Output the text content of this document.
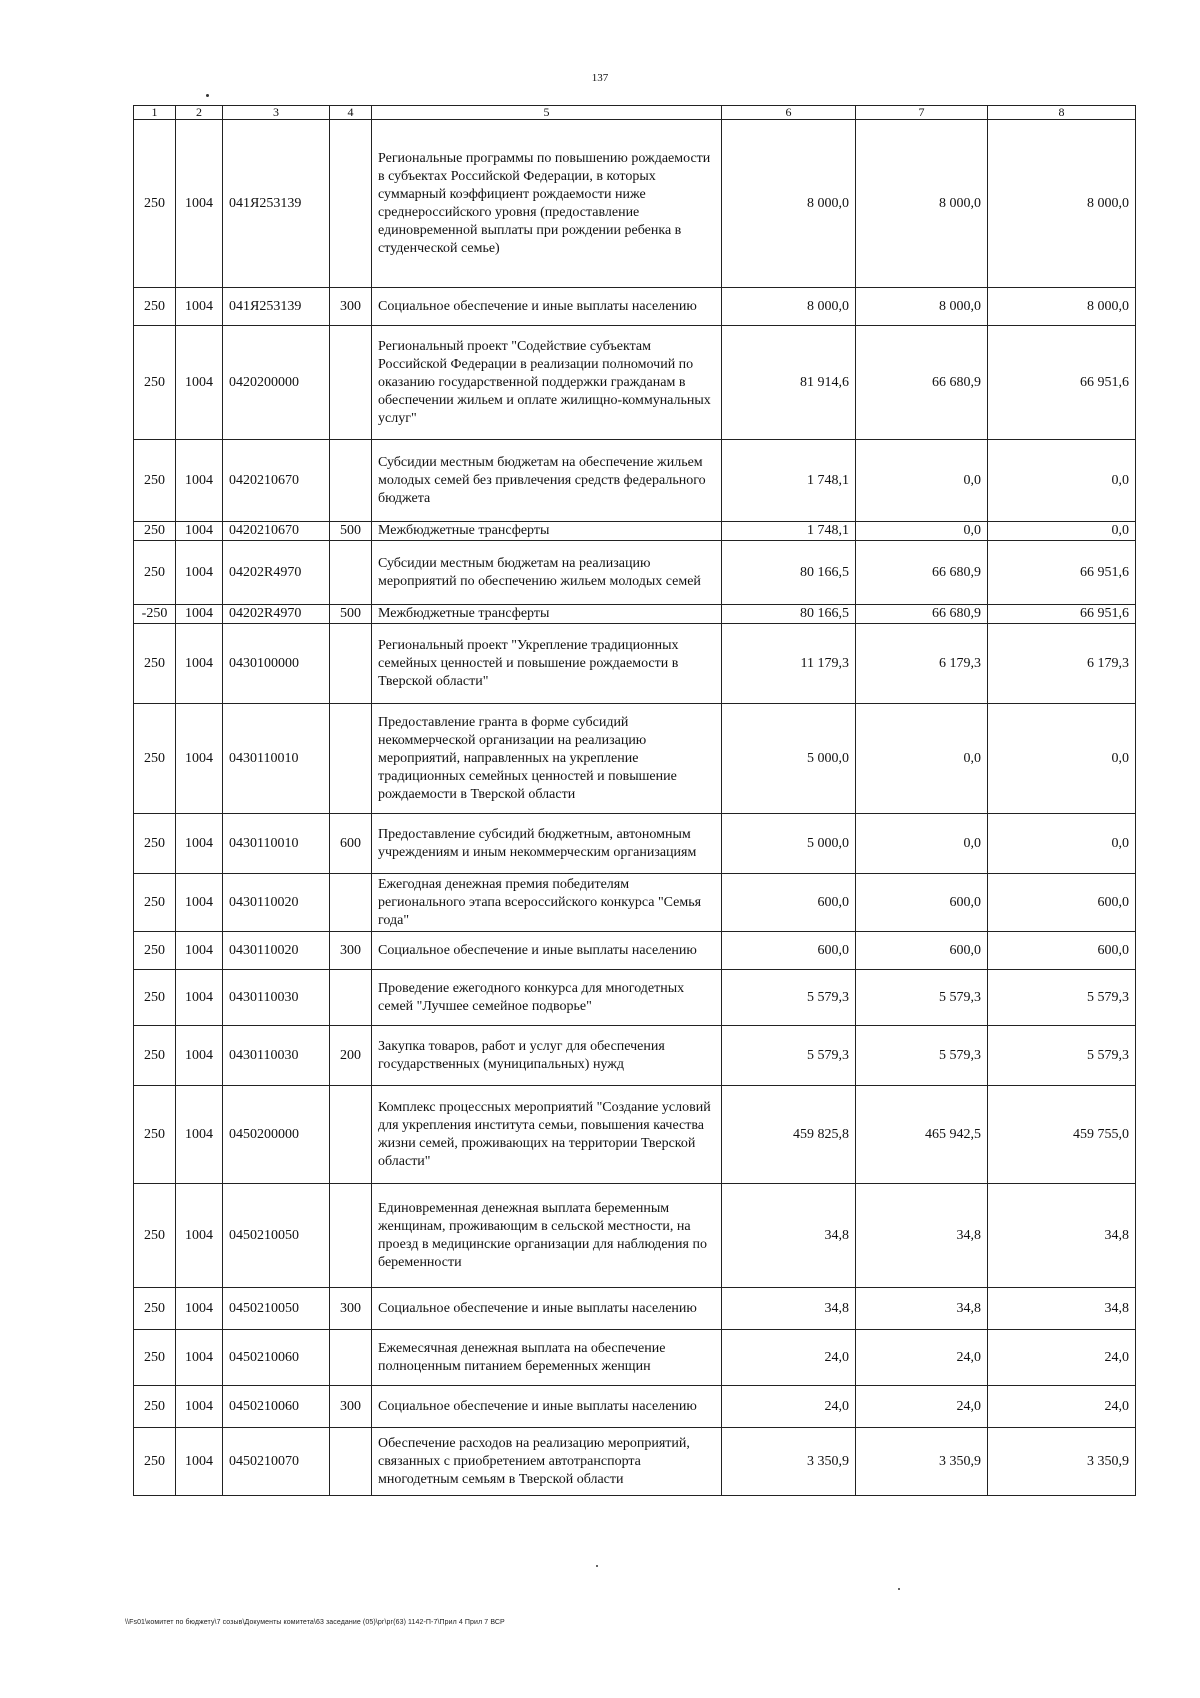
137
1	2	3	4	5	6	7	8
250	1004	041Я253139		Региональные программы по повышению рождаемости в субъектах Российской Федерации, в которых суммарный коэффициент рождаемости ниже среднероссийского уровня (предоставление единовременной выплаты при рождении ребенка в студенческой семье)	8 000,0	8 000,0	8 000,0
250	1004	041Я253139	300	Социальное обеспечение и иные выплаты населению	8 000,0	8 000,0	8 000,0
250	1004	0420200000		Региональный проект "Содействие субъектам Российской Федерации в реализации полномочий по оказанию государственной поддержки гражданам в обеспечении жильем и оплате жилищно-коммунальных услуг"	81 914,6	66 680,9	66 951,6
250	1004	0420210670		Субсидии местным бюджетам на обеспечение жильем молодых семей без привлечения средств федерального бюджета	1 748,1	0,0	0,0
250	1004	0420210670	500	Межбюджетные трансферты	1 748,1	0,0	0,0
250	1004	04202R4970		Субсидии местным бюджетам на реализацию мероприятий по обеспечению жильем молодых семей	80 166,5	66 680,9	66 951,6
-250	1004	04202R4970	500	Межбюджетные трансферты	80 166,5	66 680,9	66 951,6
250	1004	0430100000		Региональный проект "Укрепление традиционных семейных ценностей и повышение рождаемости в Тверской области"	11 179,3	6 179,3	6 179,3
250	1004	0430110010		Предоставление гранта в форме субсидий некоммерческой организации на реализацию мероприятий, направленных на укрепление традиционных семейных ценностей и повышение рождаемости в Тверской области	5 000,0	0,0	0,0
250	1004	0430110010	600	Предоставление субсидий бюджетным, автономным учреждениям и иным некоммерческим организациям	5 000,0	0,0	0,0
250	1004	0430110020		Ежегодная денежная премия победителям регионального этапа всероссийского конкурса "Семья года"	600,0	600,0	600,0
250	1004	0430110020	300	Социальное обеспечение и иные выплаты населению	600,0	600,0	600,0
250	1004	0430110030		Проведение ежегодного конкурса для многодетных семей "Лучшее семейное подворье"	5 579,3	5 579,3	5 579,3
250	1004	0430110030	200	Закупка товаров, работ и услуг для обеспечения государственных (муниципальных) нужд	5 579,3	5 579,3	5 579,3
250	1004	0450200000		Комплекс процессных мероприятий "Создание условий для укрепления института семьи, повышения качества жизни семей, проживающих на территории Тверской области"	459 825,8	465 942,5	459 755,0
250	1004	0450210050		Единовременная денежная выплата беременным женщинам, проживающим в сельской местности, на проезд в медицинские организации для наблюдения по беременности	34,8	34,8	34,8
250	1004	0450210050	300	Социальное обеспечение и иные выплаты населению	34,8	34,8	34,8
250	1004	0450210060		Ежемесячная денежная выплата на обеспечение полноценным питанием беременных женщин	24,0	24,0	24,0
250	1004	0450210060	300	Социальное обеспечение и иные выплаты населению	24,0	24,0	24,0
250	1004	0450210070		Обеспечение расходов на реализацию мероприятий, связанных с приобретением автотранспорта многодетным семьям в Тверской области	3 350,9	3 350,9	3 350,9
\\Fs01\комитет по бюджету\7 созыв\Документы комитета\63 заседание (05)\рг\рг(63) 1142-П-7\Прил 4 Прил 7 ВСР
